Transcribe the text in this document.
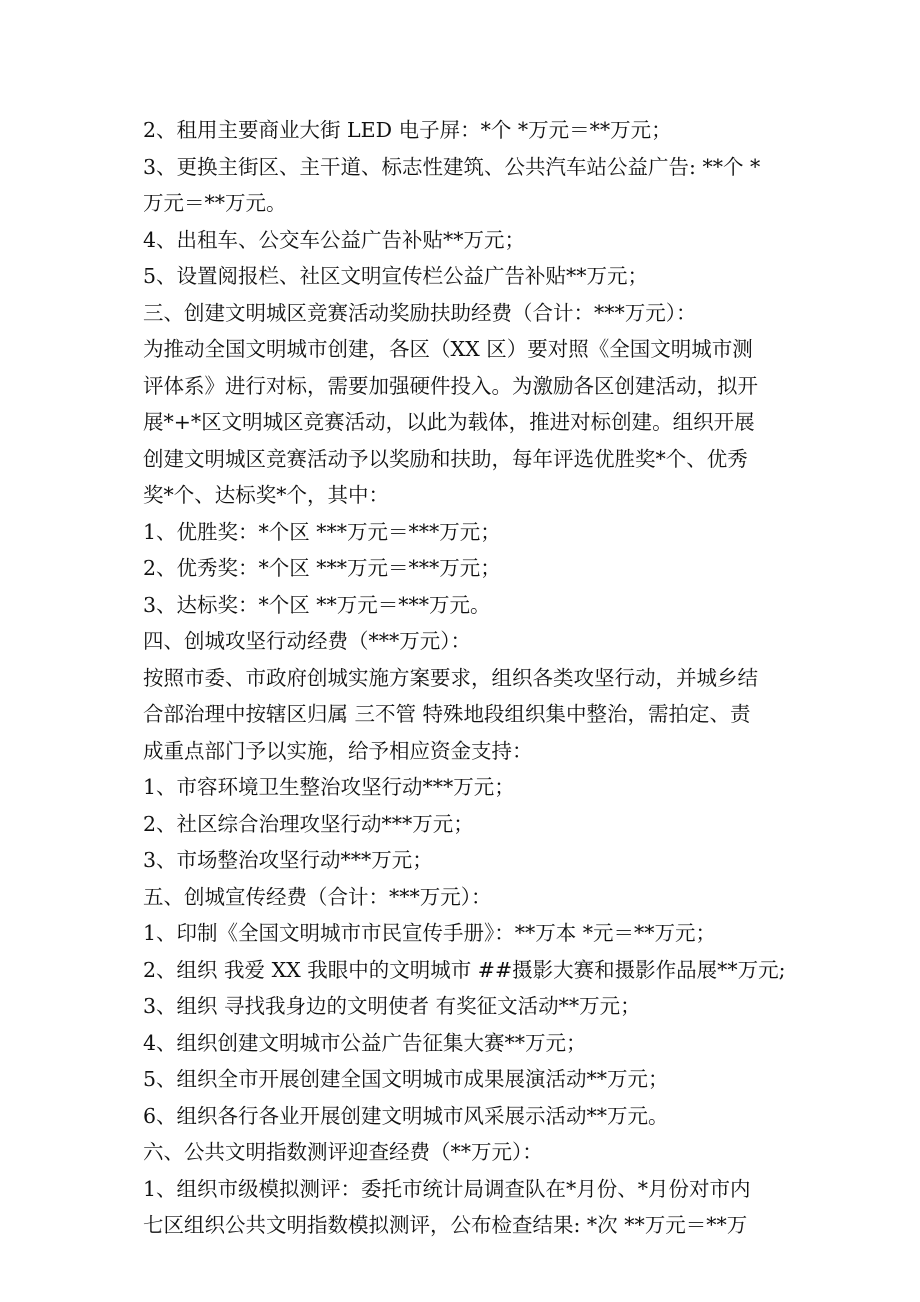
2、租用主要商业大街 LED 电子屏：*个 *万元＝**万元；
3、更换主街区、主干道、标志性建筑、公共汽车站公益广告: **个 *
万元＝**万元。
4、出租车、公交车公益广告补贴**万元；
5、设置阅报栏、社区文明宣传栏公益广告补贴**万元；
三、创建文明城区竞赛活动奖励扶助经费（合计：***万元）：
为推动全国文明城市创建，各区（XX 区）要对照《全国文明城市测
评体系》进行对标，需要加强硬件投入。为激励各区创建活动，拟开
展*+*区文明城区竞赛活动，以此为载体，推进对标创建。组织开展
创建文明城区竞赛活动予以奖励和扶助，每年评选优胜奖*个、优秀
奖*个、达标奖*个，其中：
1、优胜奖：*个区 ***万元＝***万元；
2、优秀奖：*个区 ***万元＝***万元；
3、达标奖：*个区 **万元＝***万元。
四、创城攻坚行动经费（***万元）：
按照市委、市政府创城实施方案要求，组织各类攻坚行动，并城乡结
合部治理中按辖区归属 三不管 特殊地段组织集中整治，需拍定、责
成重点部门予以实施，给予相应资金支持：
1、市容环境卫生整治攻坚行动***万元；
2、社区综合治理攻坚行动***万元；
3、市场整治攻坚行动***万元；
五、创城宣传经费（合计：***万元）：
1、印制《全国文明城市市民宣传手册》：**万本 *元＝**万元；
2、组织 我爱 XX 我眼中的文明城市 ##摄影大赛和摄影作品展**万元;
3、组织 寻找我身边的文明使者 有奖征文活动**万元；
4、组织创建文明城市公益广告征集大赛**万元；
5、组织全市开展创建全国文明城市成果展演活动**万元；
6、组织各行各业开展创建文明城市风采展示活动**万元。
六、公共文明指数测评迎查经费（**万元）：
1、组织市级模拟测评：委托市统计局调查队在*月份、*月份对市内
七区组织公共文明指数模拟测评，公布检查结果: *次 **万元＝**万
